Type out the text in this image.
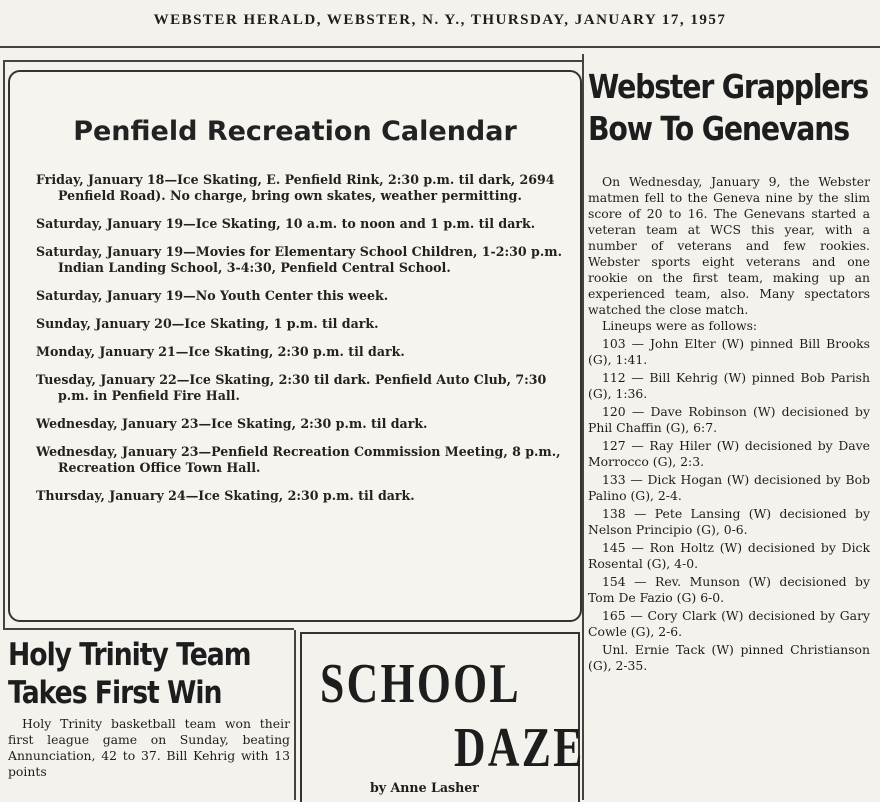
WEBSTER HERALD, WEBSTER, N. Y., THURSDAY, JANUARY 17, 1957
Penfield Recreation Calendar
Friday, January 18—Ice Skating, E. Penfield Rink, 2:30 p.m. til dark, 2694 Penfield Road). No charge, bring own skates, weather permitting.
Saturday, January 19—Ice Skating, 10 a.m. to noon and 1 p.m. til dark.
Saturday, January 19—Movies for Elementary School Children, 1-2:30 p.m. Indian Landing School, 3-4:30, Penfield Central School.
Saturday, January 19—No Youth Center this week.
Sunday, January 20—Ice Skating, 1 p.m. til dark.
Monday, January 21—Ice Skating, 2:30 p.m. til dark.
Tuesday, January 22—Ice Skating, 2:30 til dark. Penfield Auto Club, 7:30 p.m. in Penfield Fire Hall.
Wednesday, January 23—Ice Skating, 2:30 p.m. til dark.
Wednesday, January 23—Penfield Recreation Commission Meeting, 8 p.m., Recreation Office Town Hall.
Thursday, January 24—Ice Skating, 2:30 p.m. til dark.
Webster Grapplers
Bow To Genevans

On Wednesday, January 9, the Webster matmen fell to the Geneva nine by the slim score of 20 to 16. The Genevans started a veteran team at WCS this year, with a number of veterans and few rookies. Webster sports eight veterans and one rookie on the first team, making up an experienced team, also. Many spectators watched the close match.

Lineups were as follows:

103 — John Elter (W) pinned Bill Brooks (G), 1:41.

112 — Bill Kehrig (W) pinned Bob Parish (G), 1:36.

120 — Dave Robinson (W) decisioned by Phil Chaffin (G), 6:7.

127 — Ray Hiler (W) decisioned by Dave Morrocco (G), 2:3.

133 — Dick Hogan (W) decisioned by Bob Palino (G), 2-4.

138 — Pete Lansing (W) decisioned by Nelson Principio (G), 0-6.

145 — Ron Holtz (W) decisioned by Dick Rosental (G), 4-0.

154 — Rev. Munson (W) decisioned by Tom De Fazio (G) 6-0.

165 — Cory Clark (W) decisioned by Gary Cowle (G), 2-6.

Unl. Ernie Tack (W) pinned Christianson (G), 2-35.

Holy Trinity Team
Takes First Win

Holy Trinity basketball team won their first league game on Sunday, beating Annunciation, 42 to 37. Bill Kehrig with 13 points

SCHOOL
DAZE
by Anne Lasher
